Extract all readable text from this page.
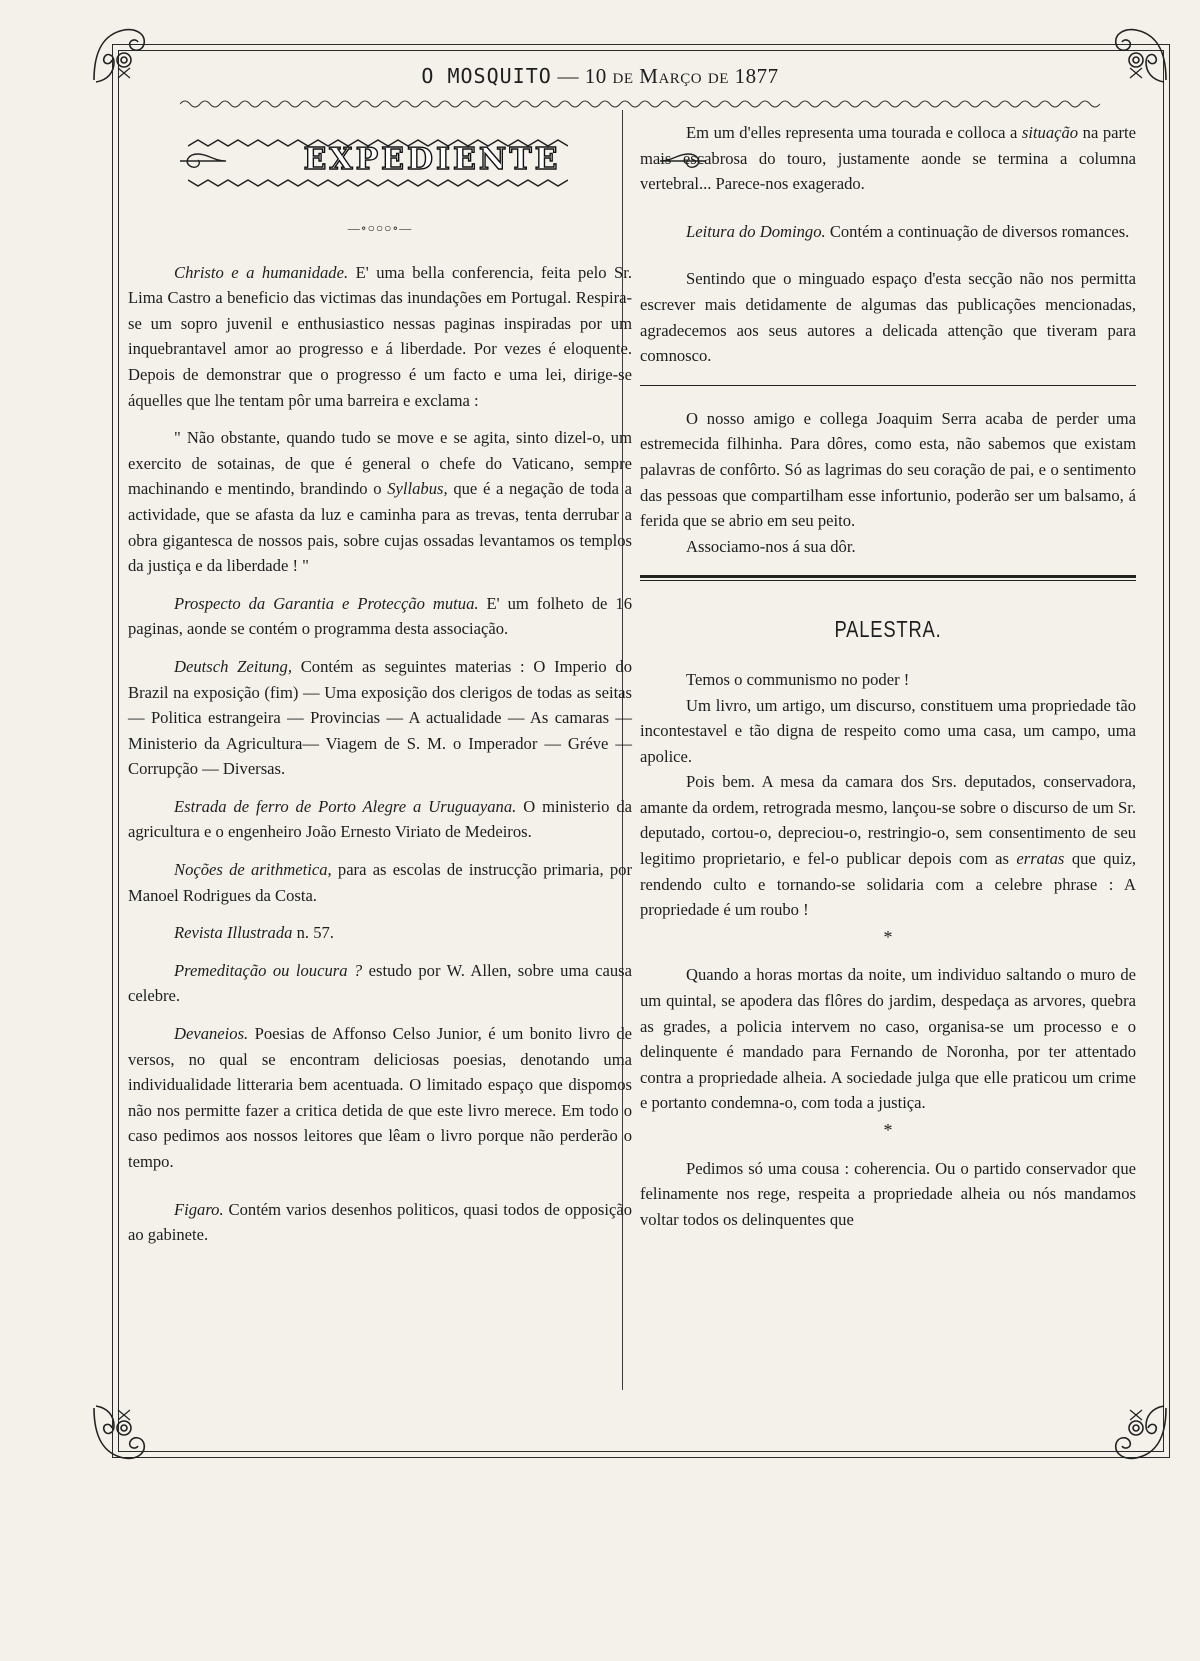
O MOSQUITO — 10 de Março de 1877
EXPEDIENTE
—∘○○○∘—

Christo e a humanidade. E' uma bella conferencia, feita pelo Sr. Lima Castro a beneficio das victimas das inundações em Portugal. Respira-se um sopro juvenil e enthusiastico nessas paginas inspiradas por um inquebrantavel amor ao progresso e á liberdade. Por vezes é eloquente. Depois de demonstrar que o progresso é um facto e uma lei, dirige-se áquelles que lhe tentam pôr uma barreira e exclama :

" Não obstante, quando tudo se move e se agita, sinto dizel-o, um exercito de sotainas, de que é general o chefe do Vaticano, sempre machinando e mentindo, brandindo o Syllabus, que é a negação de toda a actividade, que se afasta da luz e caminha para as trevas, tenta derrubar a obra gigantesca de nossos pais, sobre cujas ossadas levantamos os templos da justiça e da liberdade ! "

Prospecto da Garantia e Protecção mutua. E' um folheto de 16 paginas, aonde se contém o programma desta associação.

Deutsch Zeitung, Contém as seguintes materias : O Imperio do Brazil na exposição (fim) — Uma exposição dos clerigos de todas as seitas — Politica estrangeira — Provincias — A actualidade — As camaras — Ministerio da Agricultura— Viagem de S. M. o Imperador — Gréve — Corrupção — Diversas.

Estrada de ferro de Porto Alegre a Uruguayana. O ministerio da agricultura e o engenheiro João Ernesto Viriato de Medeiros.

Noções de arithmetica, para as escolas de instrucção primaria, por Manoel Rodrigues da Costa.

Revista Illustrada n. 57.

Premeditação ou loucura ? estudo por W. Allen, sobre uma causa celebre.

Devaneios. Poesias de Affonso Celso Junior, é um bonito livro de versos, no qual se encontram deliciosas poesias, denotando uma individualidade litteraria bem acentuada. O limitado espaço que dispomos não nos permitte fazer a critica detida de que este livro merece. Em todo o caso pedimos aos nossos leitores que lêam o livro porque não perderão o tempo.

Figaro. Contém varios desenhos politicos, quasi todos de opposição ao gabinete.

Em um d'elles representa uma tourada e colloca a situação na parte mais escabrosa do touro, justamente aonde se termina a columna vertebral... Parece-nos exagerado.

Leitura do Domingo. Contém a continuação de diversos romances.

Sentindo que o minguado espaço d'esta secção não nos permitta escrever mais detidamente de algumas das publicações mencionadas, agradecemos aos seus autores a delicada attenção que tiveram para comnosco.

O nosso amigo e collega Joaquim Serra acaba de perder uma estremecida filhinha. Para dôres, como esta, não sabemos que existam palavras de confôrto. Só as lagrimas do seu coração de pai, e o sentimento das pessoas que compartilham esse infortunio, poderão ser um balsamo, á ferida que se abrio em seu peito.

Associamo-nos á sua dôr.

PALESTRA.

Temos o communismo no poder !

Um livro, um artigo, um discurso, constituem uma propriedade tão incontestavel e tão digna de respeito como uma casa, um campo, uma apolice.

Pois bem. A mesa da camara dos Srs. deputados, conservadora, amante da ordem, retrograda mesmo, lançou-se sobre o discurso de um Sr. deputado, cortou-o, depreciou-o, restringio-o, sem consentimento de seu legitimo proprietario, e fel-o publicar depois com as erratas que quiz, rendendo culto e tornando-se solidaria com a celebre phrase : A propriedade é um roubo !

*

Quando a horas mortas da noite, um individuo saltando o muro de um quintal, se apodera das flôres do jardim, despedaça as arvores, quebra as grades, a policia intervem no caso, organisa-se um processo e o delinquente é mandado para Fernando de Noronha, por ter attentado contra a propriedade alheia. A sociedade julga que elle praticou um crime e portanto condemna-o, com toda a justiça.

*

Pedimos só uma cousa : coherencia. Ou o partido conservador que felinamente nos rege, respeita a propriedade alheia ou nós mandamos voltar todos os delinquentes que
